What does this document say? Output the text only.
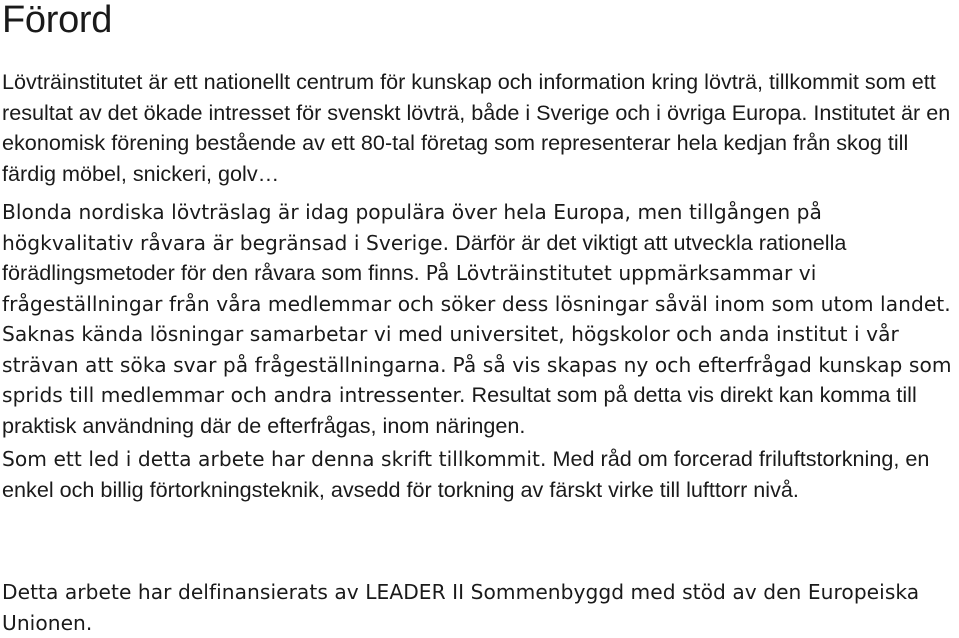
Förord

Lövträinstitutet är ett nationellt centrum för kunskap och information kring lövträ, tillkommit som ett resultat av det ökade intresset för svenskt lövträ, både i Sverige och i övriga Europa. Institutet är en ekonomisk förening bestående av ett 80-tal företag som representerar hela kedjan från skog till färdig möbel, snickeri, golv…

Blonda nordiska lövträslag är idag populära över hela Europa, men tillgången på högkvalitativ råvara är begränsad i Sverige. Därför är det viktigt att utveckla rationella förädlingsmetoder för den råvara som finns. På Lövträinstitutet uppmärksammar vi frågeställningar från våra medlemmar och söker dess lösningar såväl inom som utom landet. Saknas kända lösningar samarbetar vi med universitet, högskolor och anda institut i vår strävan att söka svar på frågeställningarna. På så vis skapas ny och efterfrågad kunskap som sprids till medlemmar och andra intressenter. Resultat som på detta vis direkt kan komma till praktisk användning där de efterfrågas, inom näringen.

Som ett led i detta arbete har denna skrift tillkommit. Med råd om forcerad friluftstorkning, en enkel och billig förtorkningsteknik, avsedd för torkning av färskt virke till lufttorr nivå.

Detta arbete har delfinansierats av LEADER II Sommenbyggd med stöd av den Europeiska Unionen.
